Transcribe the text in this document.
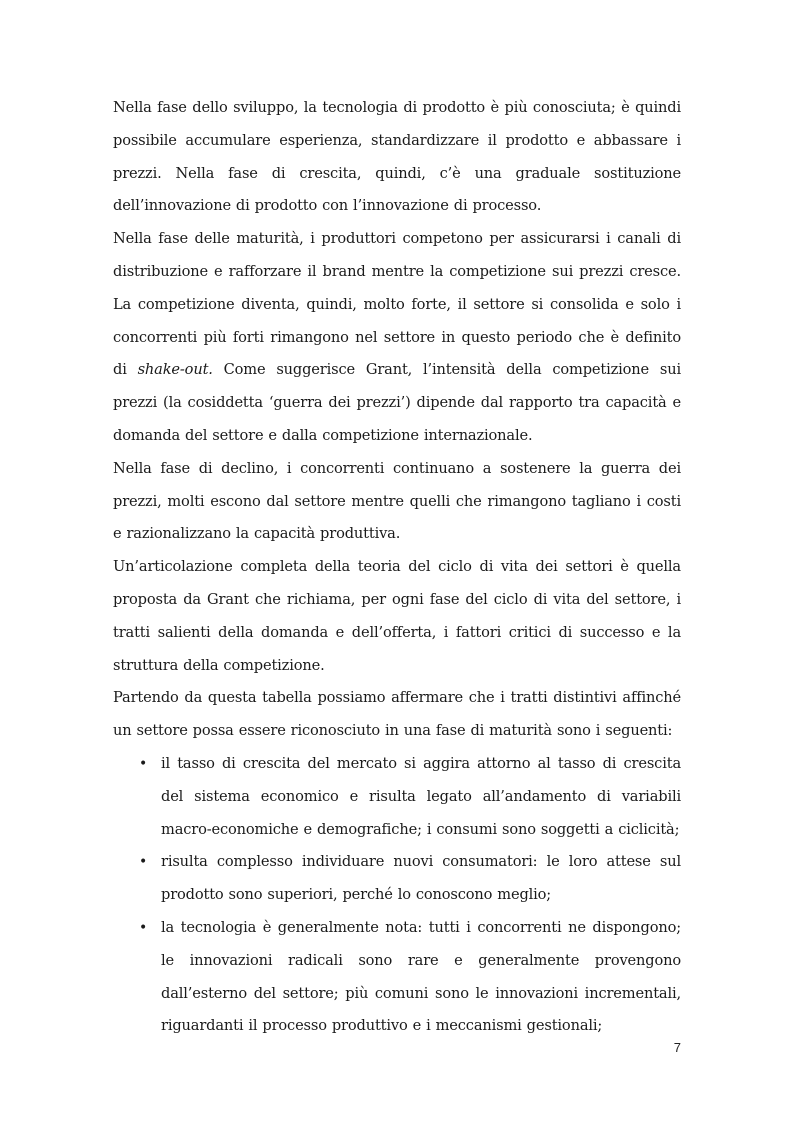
Nella fase dello sviluppo, la tecnologia di prodotto è più conosciuta; è quindi possibile accumulare esperienza, standardizzare il prodotto e abbassare i prezzi. Nella fase di crescita, quindi, c’è una graduale sostituzione dell’innovazione di prodotto con l’innovazione di processo.

Nella fase delle maturità, i produttori competono per assicurarsi i canali di distribuzione e rafforzare il brand mentre la competizione sui prezzi cresce. La competizione diventa, quindi, molto forte, il settore si consolida e solo i concorrenti più forti rimangono nel settore in questo periodo che è definito di shake-out. Come suggerisce Grant, l’intensità della competizione sui prezzi (la cosiddetta ‘guerra dei prezzi’) dipende dal rapporto tra capacità e domanda del settore e dalla competizione internazionale.

Nella fase di declino, i concorrenti continuano a sostenere la guerra dei prezzi, molti escono dal settore mentre quelli che rimangono tagliano i costi e razionalizzano la capacità produttiva.

Un’articolazione completa della teoria del ciclo di vita dei settori è quella proposta da Grant che richiama, per ogni fase del ciclo di vita del settore, i tratti salienti della domanda e dell’offerta, i fattori critici di successo e la struttura della competizione.

Partendo da questa tabella possiamo affermare che i tratti distintivi affinché un settore possa essere riconosciuto in una fase di maturità sono i seguenti:

• il tasso di crescita del mercato si aggira attorno al tasso di crescita del sistema economico e risulta legato all’andamento di variabili macro-economiche e demografiche; i consumi sono soggetti a ciclicità;
• risulta complesso individuare nuovi consumatori: le loro attese sul prodotto sono superiori, perché lo conoscono meglio;
• la tecnologia è generalmente nota: tutti i concorrenti ne dispongono; le innovazioni radicali sono rare e generalmente provengono dall’esterno del settore; più comuni sono le innovazioni incrementali, riguardanti il processo produttivo e i meccanismi gestionali;
7
